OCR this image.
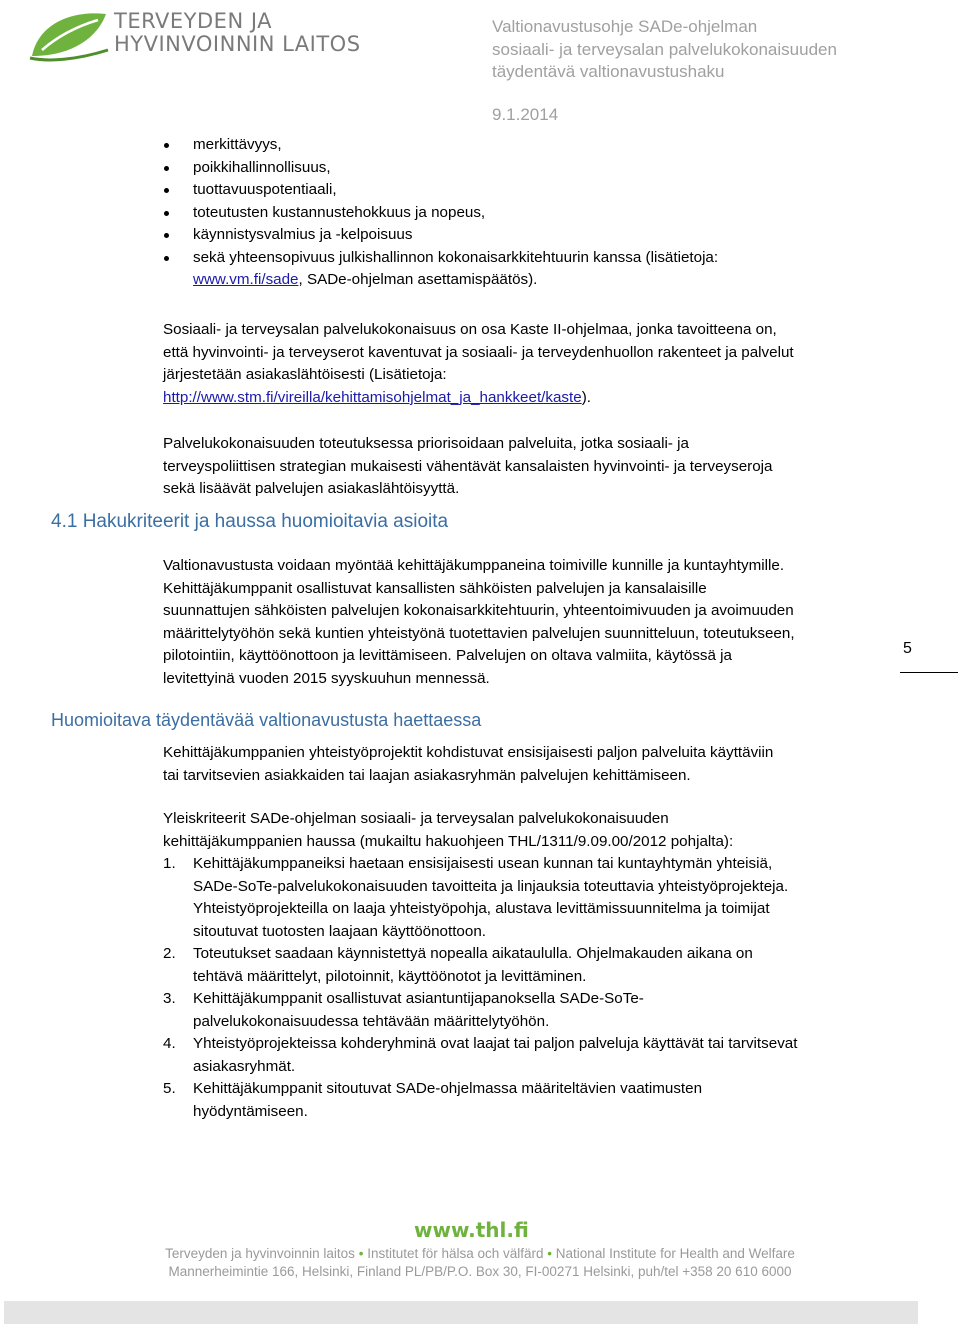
TERVEYDEN JA
HYVINVOINNIN LAITOS
Valtionavustusohje SADe-ohjelman
sosiaali- ja terveysalan palvelukokonaisuuden
täydentävä valtionavustushaku
9.1.2014
merkittävyys,
poikkihallinnollisuus,
tuottavuuspotentiaali,
toteutusten kustannustehokkuus ja nopeus,
käynnistysvalmius ja -kelpoisuus
sekä yhteensopivuus julkishallinnon kokonaisarkkitehtuurin kanssa (lisätietoja:
www.vm.fi/sade, SADe-ohjelman asettamispäätös).
Sosiaali- ja terveysalan palvelukokonaisuus on osa Kaste II-ohjelmaa, jonka tavoitteena on,
että hyvinvointi- ja terveyserot kaventuvat ja sosiaali- ja terveydenhuollon rakenteet ja palvelut
järjestetään asiakaslähtöisesti (Lisätietoja:
http://www.stm.fi/vireilla/kehittamisohjelmat_ja_hankkeet/kaste).
Palvelukokonaisuuden toteutuksessa priorisoidaan palveluita, jotka sosiaali- ja
terveyspoliittisen strategian mukaisesti vähentävät kansalaisten hyvinvointi- ja terveyseroja
sekä lisäävät palvelujen asiakaslähtöisyyttä.
4.1 Hakukriteerit ja haussa huomioitavia asioita
Valtionavustusta voidaan myöntää kehittäjäkumppaneina toimiville kunnille ja kuntayhtymille.
Kehittäjäkumppanit osallistuvat kansallisten sähköisten palvelujen ja kansalaisille
suunnattujen sähköisten palvelujen kokonaisarkkitehtuurin, yhteentoimivuuden ja avoimuuden
määrittelytyöhön sekä kuntien yhteistyönä tuotettavien palvelujen suunnitteluun, toteutukseen,
pilotointiin, käyttöönottoon ja levittämiseen. Palvelujen on oltava valmiita, käytössä ja
levitettyinä vuoden 2015 syyskuuhun mennessä.
5
Huomioitava täydentävää valtionavustusta haettaessa
Kehittäjäkumppanien yhteistyöprojektit kohdistuvat ensisijaisesti paljon palveluita käyttäviin
tai tarvitsevien asiakkaiden tai laajan asiakasryhmän palvelujen kehittämiseen.
Yleiskriteerit SADe-ohjelman sosiaali- ja terveysalan palvelukokonaisuuden
kehittäjäkumppanien haussa (mukailtu hakuohjeen THL/1311/9.09.00/2012 pohjalta):
1. Kehittäjäkumppaneiksi haetaan ensisijaisesti usean kunnan tai kuntayhtymän yhteisiä,
SADe-SoTe-palvelukokonaisuuden tavoitteita ja linjauksia toteuttavia yhteistyöprojekteja.
Yhteistyöprojekteilla on laaja yhteistyöpohja, alustava levittämissuunnitelma ja toimijat
sitoutuvat tuotosten laajaan käyttöönottoon.
2. Toteutukset saadaan käynnistettyä nopealla aikataululla. Ohjelmakauden aikana on
tehtävä määrittelyt, pilotoinnit, käyttöönotot ja levittäminen.
3. Kehittäjäkumppanit osallistuvat asiantuntijapanoksella SADe-SoTe-
palvelukokonaisuudessa tehtävään määrittelytyöhön.
4. Yhteistyöprojekteissa kohderyhminä ovat laajat tai paljon palveluja käyttävät tai tarvitsevat
asiakasryhmät.
5. Kehittäjäkumppanit sitoutuvat SADe-ohjelmassa määriteltävien vaatimusten
hyödyntämiseen.
www.thl.fi
Terveyden ja hyvinvoinnin laitos • Institutet för hälsa och välfärd • National Institute for Health and Welfare
Mannerheimintie 166, Helsinki, Finland PL/PB/P.O. Box 30, FI-00271 Helsinki, puh/tel +358 20 610 6000
